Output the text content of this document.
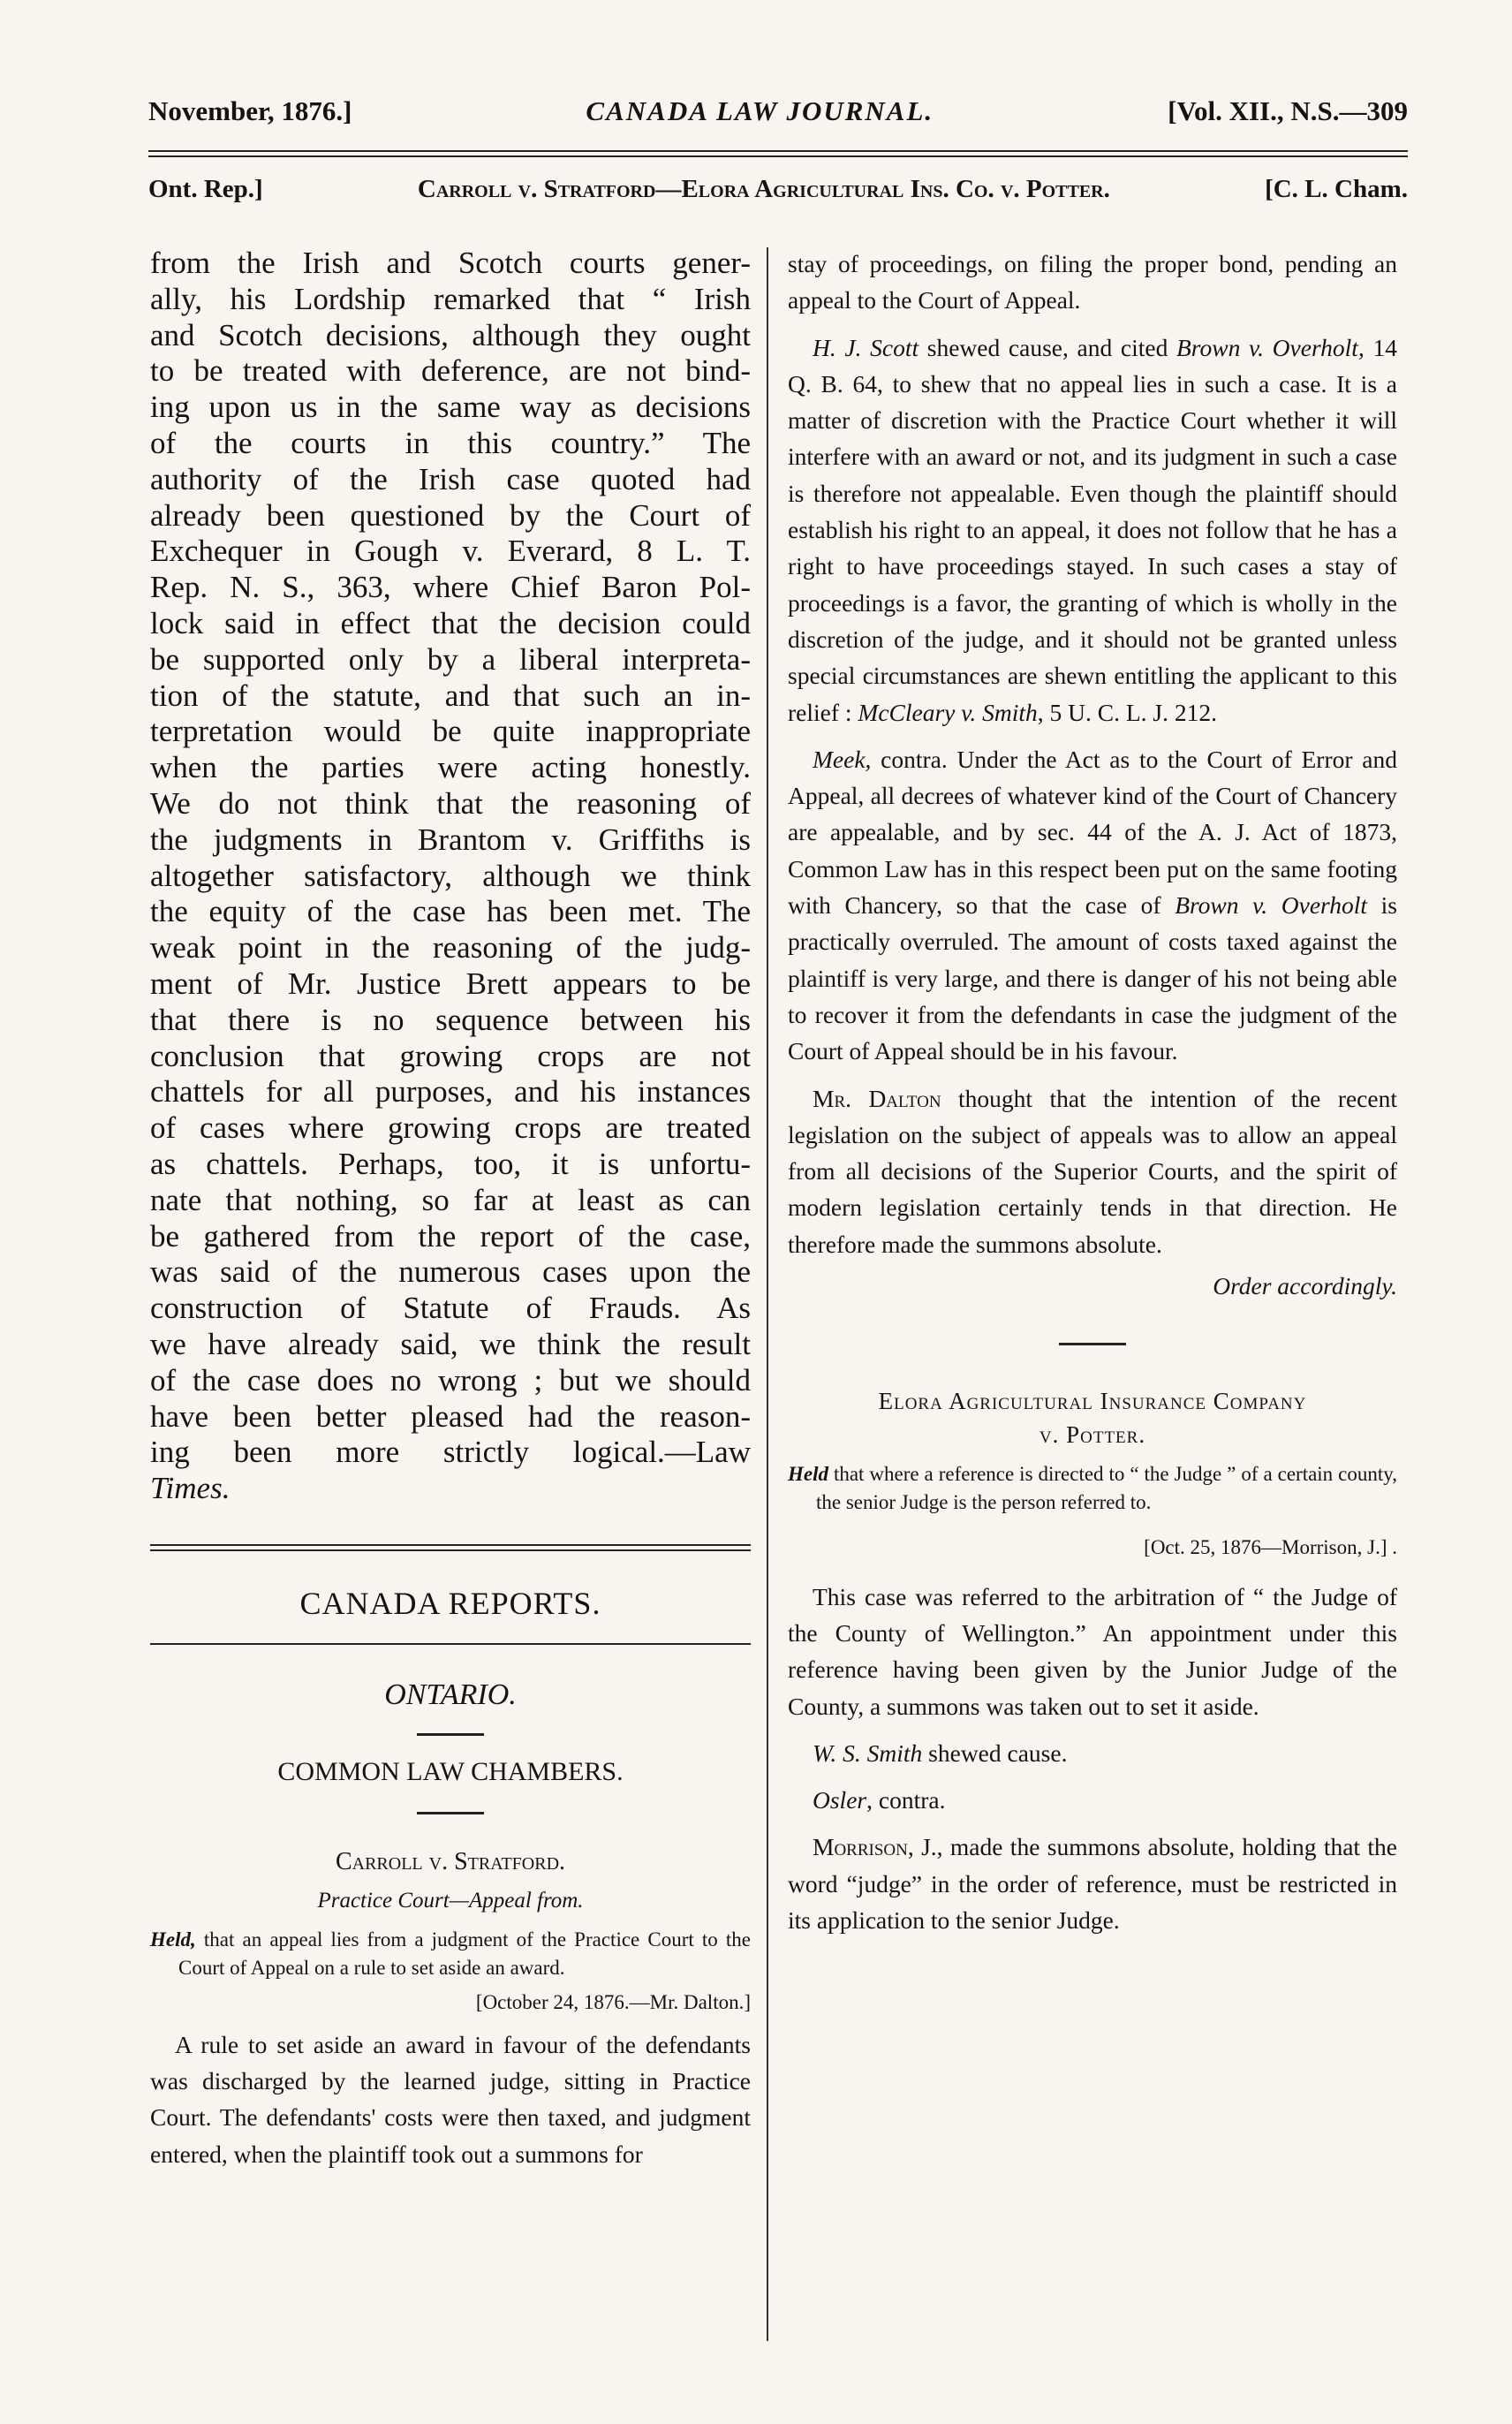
November, 1876.]	CANADA LAW JOURNAL.	[Vol. XII., N.S.—309
Ont. Rep.]	Carroll v. Stratford—Elora Agricultural Ins. Co. v. Potter.	[C. L. Cham.

from the Irish and Scotch courts gener-
ally, his Lordship remarked that “ Irish
and Scotch decisions, although they ought
to be treated with deference, are not bind-
ing upon us in the same way as decisions
of the courts in this country.” The
authority of the Irish case quoted had
already been questioned by the Court of
Exchequer in Gough v. Everard, 8 L. T.
Rep. N. S., 363, where Chief Baron Pol-
lock said in effect that the decision could
be supported only by a liberal interpreta-
tion of the statute, and that such an in-
terpretation would be quite inappropriate
when the parties were acting honestly.
We do not think that the reasoning of
the judgments in Brantom v. Griffiths is
altogether satisfactory, although we think
the equity of the case has been met. The
weak point in the reasoning of the judg-
ment of Mr. Justice Brett appears to be
that there is no sequence between his
conclusion that growing crops are not
chattels for all purposes, and his instances
of cases where growing crops are treated
as chattels. Perhaps, too, it is unfortu-
nate that nothing, so far at least as can
be gathered from the report of the case,
was said of the numerous cases upon the
construction of Statute of Frauds. As
we have already said, we think the result
of the case does no wrong ; but we should
have been better pleased had the reason-
ing been more strictly logical.—Law

Times.

CANADA REPORTS.
ONTARIO.
COMMON LAW CHAMBERS.
Carroll v. Stratford.
Practice Court—Appeal from.
Held, that an appeal lies from a judgment of the Practice Court to the Court of Appeal on a rule to set aside an award.
[October 24, 1876.—Mr. Dalton.]

A rule to set aside an award in favour of the defendants was discharged by the learned judge, sitting in Practice Court. The defendants' costs were then taxed, and judgment entered, when the plaintiff took out a summons for

stay of proceedings, on filing the proper bond, pending an appeal to the Court of Appeal.

H. J. Scott shewed cause, and cited Brown v. Overholt, 14 Q. B. 64, to shew that no appeal lies in such a case. It is a matter of discretion with the Practice Court whether it will interfere with an award or not, and its judgment in such a case is therefore not appealable. Even though the plaintiff should establish his right to an appeal, it does not follow that he has a right to have proceedings stayed. In such cases a stay of proceedings is a favor, the granting of which is wholly in the discretion of the judge, and it should not be granted unless special circumstances are shewn entitling the applicant to this relief : McCleary v. Smith, 5 U. C. L. J. 212.

Meek, contra. Under the Act as to the Court of Error and Appeal, all decrees of whatever kind of the Court of Chancery are appealable, and by sec. 44 of the A. J. Act of 1873, Common Law has in this respect been put on the same footing with Chancery, so that the case of Brown v. Overholt is practically overruled. The amount of costs taxed against the plaintiff is very large, and there is danger of his not being able to recover it from the defendants in case the judgment of the Court of Appeal should be in his favour.

Mr. Dalton thought that the intention of the recent legislation on the subject of appeals was to allow an appeal from all decisions of the Superior Courts, and the spirit of modern legislation certainly tends in that direction. He therefore made the summons absolute.

Order accordingly.
Elora Agricultural Insurance Company
v. Potter.
Held that where a reference is directed to “ the Judge ” of a certain county, the senior Judge is the person referred to.
[Oct. 25, 1876—Morrison, J.] .

This case was referred to the arbitration of “ the Judge of the County of Wellington.” An appointment under this reference having been given by the Junior Judge of the County, a summons was taken out to set it aside.

W. S. Smith shewed cause.

Osler, contra.

Morrison, J., made the summons absolute, holding that the word “judge” in the order of reference, must be restricted in its application to the senior Judge.
